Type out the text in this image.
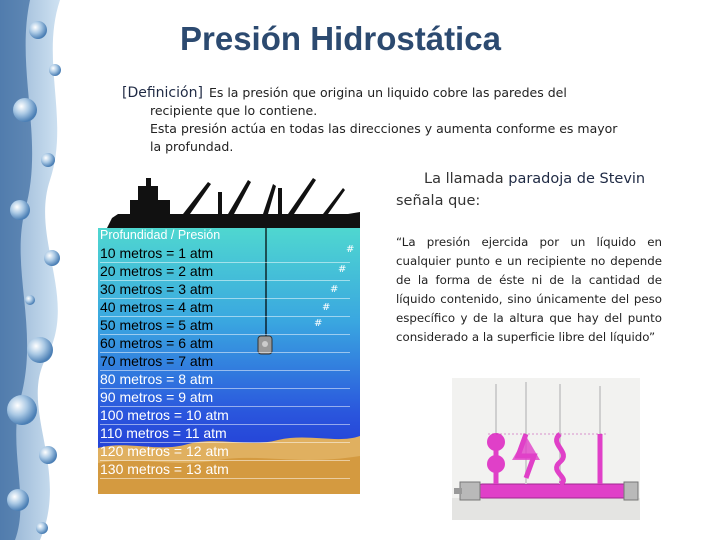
Presión Hidrostática

[Definición] Es la presión que origina un liquido cobre las paredes del

recipiente que lo contiene.

Esta presión actúa en todas las direcciones y aumenta conforme es mayor

la profundad.

#
#
#
#
#
Profundidad / Presión
10 metros = 1 atm
20 metros = 2 atm
30 metros = 3 atm
40 metros = 4 atm
50 metros = 5 atm
60 metros = 6 atm
70 metros = 7 atm
80 metros = 8 atm
90 metros = 9 atm
100 metros = 10 atm
110 metros = 11 atm
120 metros = 12 atm
130 metros = 13 atm
La llamada paradoja de Stevin señala que:
“La presión ejercida por un líquido en cualquier punto e un recipiente no depende de la forma de éste ni de la cantidad de líquido contenido, sino únicamente del peso específico y de la altura que hay del punto considerado a la superficie libre del líquido”
